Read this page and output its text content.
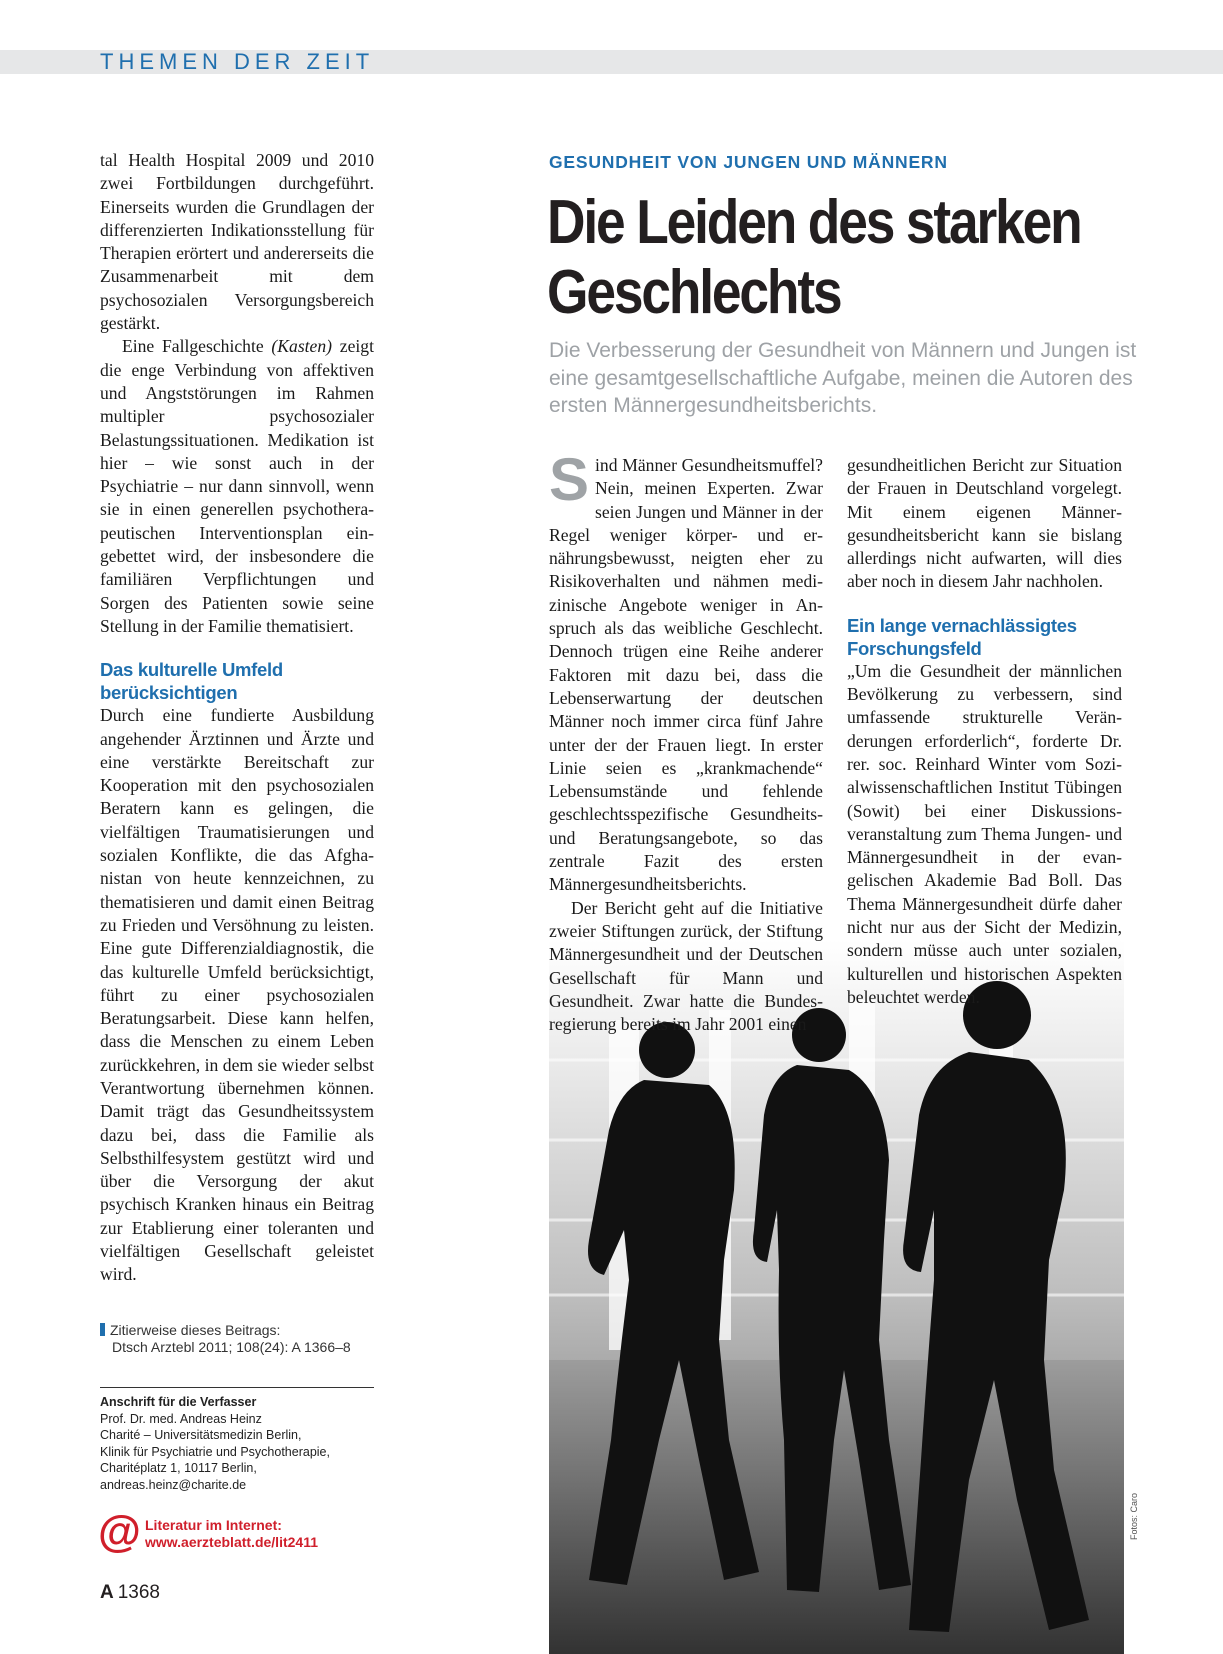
THEMEN DER ZEIT

tal Health Hospital 2009 und 2010 zwei Fortbildungen durchgeführt. Einerseits wurden die Grundlagen der differenzierten Indikationsstellung für Therapien erörtert und andererseits die Zusammenarbeit mit dem psychosozialen Versorgungsbereich gestärkt.

Eine Fallgeschichte (Kasten) zeigt die enge Verbindung von affektiven und Angststörungen im Rahmen multipler psychosozialer Belastungssituationen. Medikation ist hier – wie sonst auch in der Psychiatrie – nur dann sinnvoll, wenn sie in einen generellen psychotherapeutischen Interventionsplan eingebettet wird, der insbesondere die familiären Verpflichtungen und Sorgen des Patienten sowie seine Stellung in der Familie thematisiert.

Das kulturelle Umfeld berücksichtigen

Durch eine fundierte Ausbildung angehender Ärztinnen und Ärzte und eine verstärkte Bereitschaft zur Kooperation mit den psychosozialen Beratern kann es gelingen, die vielfältigen Traumatisierungen und sozialen Konflikte, die das Afghanistan von heute kennzeichnen, zu thematisieren und damit einen Beitrag zu Frieden und Versöhnung zu leisten. Eine gute Differenzialdiagnostik, die das kulturelle Umfeld berücksichtigt, führt zu einer psychosozialen Beratungsarbeit. Diese kann helfen, dass die Menschen zu einem Leben zurückkehren, in dem sie wieder selbst Verantwortung übernehmen können. Damit trägt das Gesundheitssystem dazu bei, dass die Familie als Selbsthilfesystem gestützt wird und über die Versorgung der akut psychisch Kranken hinaus ein Beitrag zur Etablierung einer toleranten und vielfältigen Gesellschaft geleistet wird.

Zitierweise dieses Beitrags:
Dtsch Arztebl 2011; 108(24): A 1366–8
Anschrift für die Verfasser
Prof. Dr. med. Andreas Heinz
Charité – Universitätsmedizin Berlin,
Klinik für Psychiatrie und Psychotherapie,
Charitéplatz 1, 10117 Berlin,
andreas.heinz@charite.de
@ Literatur im Internet:
www.aerzteblatt.de/lit2411
A 1368
GESUNDHEIT VON JUNGEN UND MÄNNERN
Die Leiden des starken Geschlechts

Die Verbesserung der Gesundheit von Männern und Jungen ist eine gesamtgesellschaftliche Aufgabe, meinen die Autoren des ersten Männergesundheitsberichts.

Fotos: Caro

Sind Männer Gesundheitsmuffel? Nein, meinen Experten. Zwar seien Jungen und Männer in der Regel weniger körper- und ernährungsbewusst, neigten eher zu Risikoverhalten und nähmen medizinische Angebote weniger in Anspruch als das weibliche Geschlecht. Dennoch trügen eine Reihe anderer Faktoren mit dazu bei, dass die Lebenserwartung der deutschen Männer noch immer circa fünf Jahre unter der der Frauen liegt. In erster Linie seien es „krankmachende“ Lebensumstände und fehlende geschlechtsspezifische Gesundheits- und Beratungsangebote, so das zentrale Fazit des ersten Männergesundheitsberichts.

Der Bericht geht auf die Initiative zweier Stiftungen zurück, der Stiftung Männergesundheit und der Deutschen Gesellschaft für Mann und Gesundheit. Zwar hatte die Bundesregierung bereits im Jahr 2001 einen

gesundheitlichen Bericht zur Situation der Frauen in Deutschland vorgelegt. Mit einem eigenen Männergesundheitsbericht kann sie bislang allerdings nicht aufwarten, will dies aber noch in diesem Jahr nachholen.

Ein lange vernachlässigtes Forschungsfeld

„Um die Gesundheit der männlichen Bevölkerung zu verbessern, sind umfassende strukturelle Veränderungen erforderlich“, forderte Dr. rer. soc. Reinhard Winter vom Sozialwissenschaftlichen Institut Tübingen (Sowit) bei einer Diskussionsveranstaltung zum Thema Jungen- und Männergesundheit in der evangelischen Akademie Bad Boll. Das Thema Männergesundheit dürfe daher nicht nur aus der Sicht der Medizin, sondern müsse auch unter sozialen, kulturellen und historischen Aspekten beleuchtet werden.
